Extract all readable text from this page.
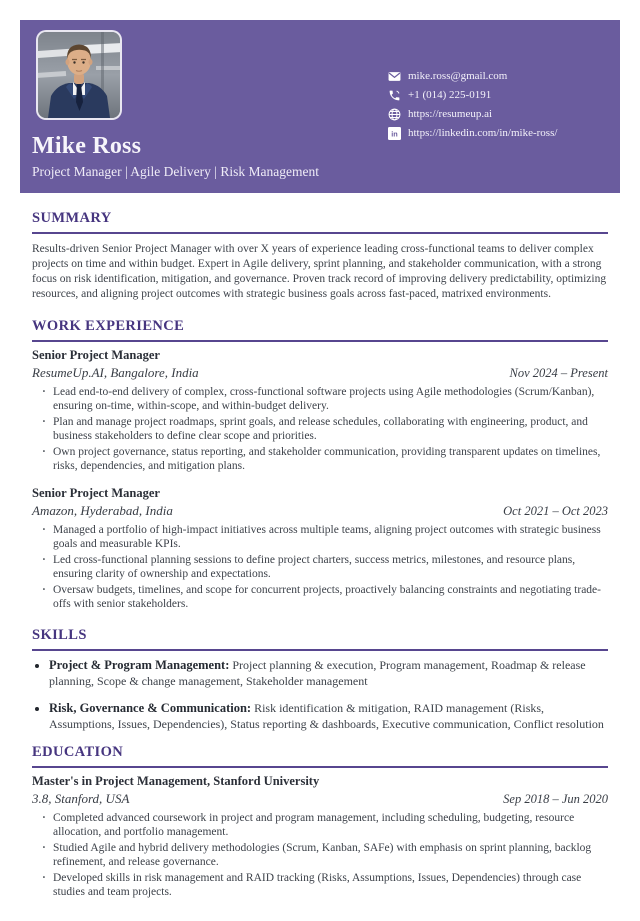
Mike Ross
Project Manager | Agile Delivery | Risk Management
mike.ross@gmail.com
+1 (014) 225-0191
https://resumeup.ai
in https://linkedin.com/in/mike-ross/
SUMMARY

Results-driven Senior Project Manager with over X years of experience leading cross-functional teams to deliver complex projects on time and within budget. Expert in Agile delivery, sprint planning, and stakeholder communication, with a strong focus on risk identification, mitigation, and governance. Proven track record of improving delivery predictability, optimizing resources, and aligning project outcomes with strategic business goals across fast-paced, matrixed environments.

WORK EXPERIENCE
Senior Project Manager
ResumeUp.AI, Bangalore, India	Nov 2024 – Present
· Lead end-to-end delivery of complex, cross-functional software projects using Agile methodologies (Scrum/Kanban), ensuring on-time, within-scope, and within-budget delivery.
· Plan and manage project roadmaps, sprint goals, and release schedules, collaborating with engineering, product, and business stakeholders to define clear scope and priorities.
· Own project governance, status reporting, and stakeholder communication, providing transparent updates on timelines, risks, dependencies, and mitigation plans.
Senior Project Manager
Amazon, Hyderabad, India	Oct 2021 – Oct 2023
· Managed a portfolio of high-impact initiatives across multiple teams, aligning project outcomes with strategic business goals and measurable KPIs.
· Led cross-functional planning sessions to define project charters, success metrics, milestones, and resource plans, ensuring clarity of ownership and expectations.
· Oversaw budgets, timelines, and scope for concurrent projects, proactively balancing constraints and negotiating trade-offs with senior stakeholders.
SKILLS
• Project & Program Management: Project planning & execution, Program management, Roadmap & release planning, Scope & change management, Stakeholder management
• Risk, Governance & Communication: Risk identification & mitigation, RAID management (Risks, Assumptions, Issues, Dependencies), Status reporting & dashboards, Executive communication, Conflict resolution
EDUCATION
Master's in Project Management, Stanford University
3.8, Stanford, USA	Sep 2018 – Jun 2020
· Completed advanced coursework in project and program management, including scheduling, budgeting, resource allocation, and portfolio management.
· Studied Agile and hybrid delivery methodologies (Scrum, Kanban, SAFe) with emphasis on sprint planning, backlog refinement, and release governance.
· Developed skills in risk management and RAID tracking (Risks, Assumptions, Issues, Dependencies) through case studies and team projects.
